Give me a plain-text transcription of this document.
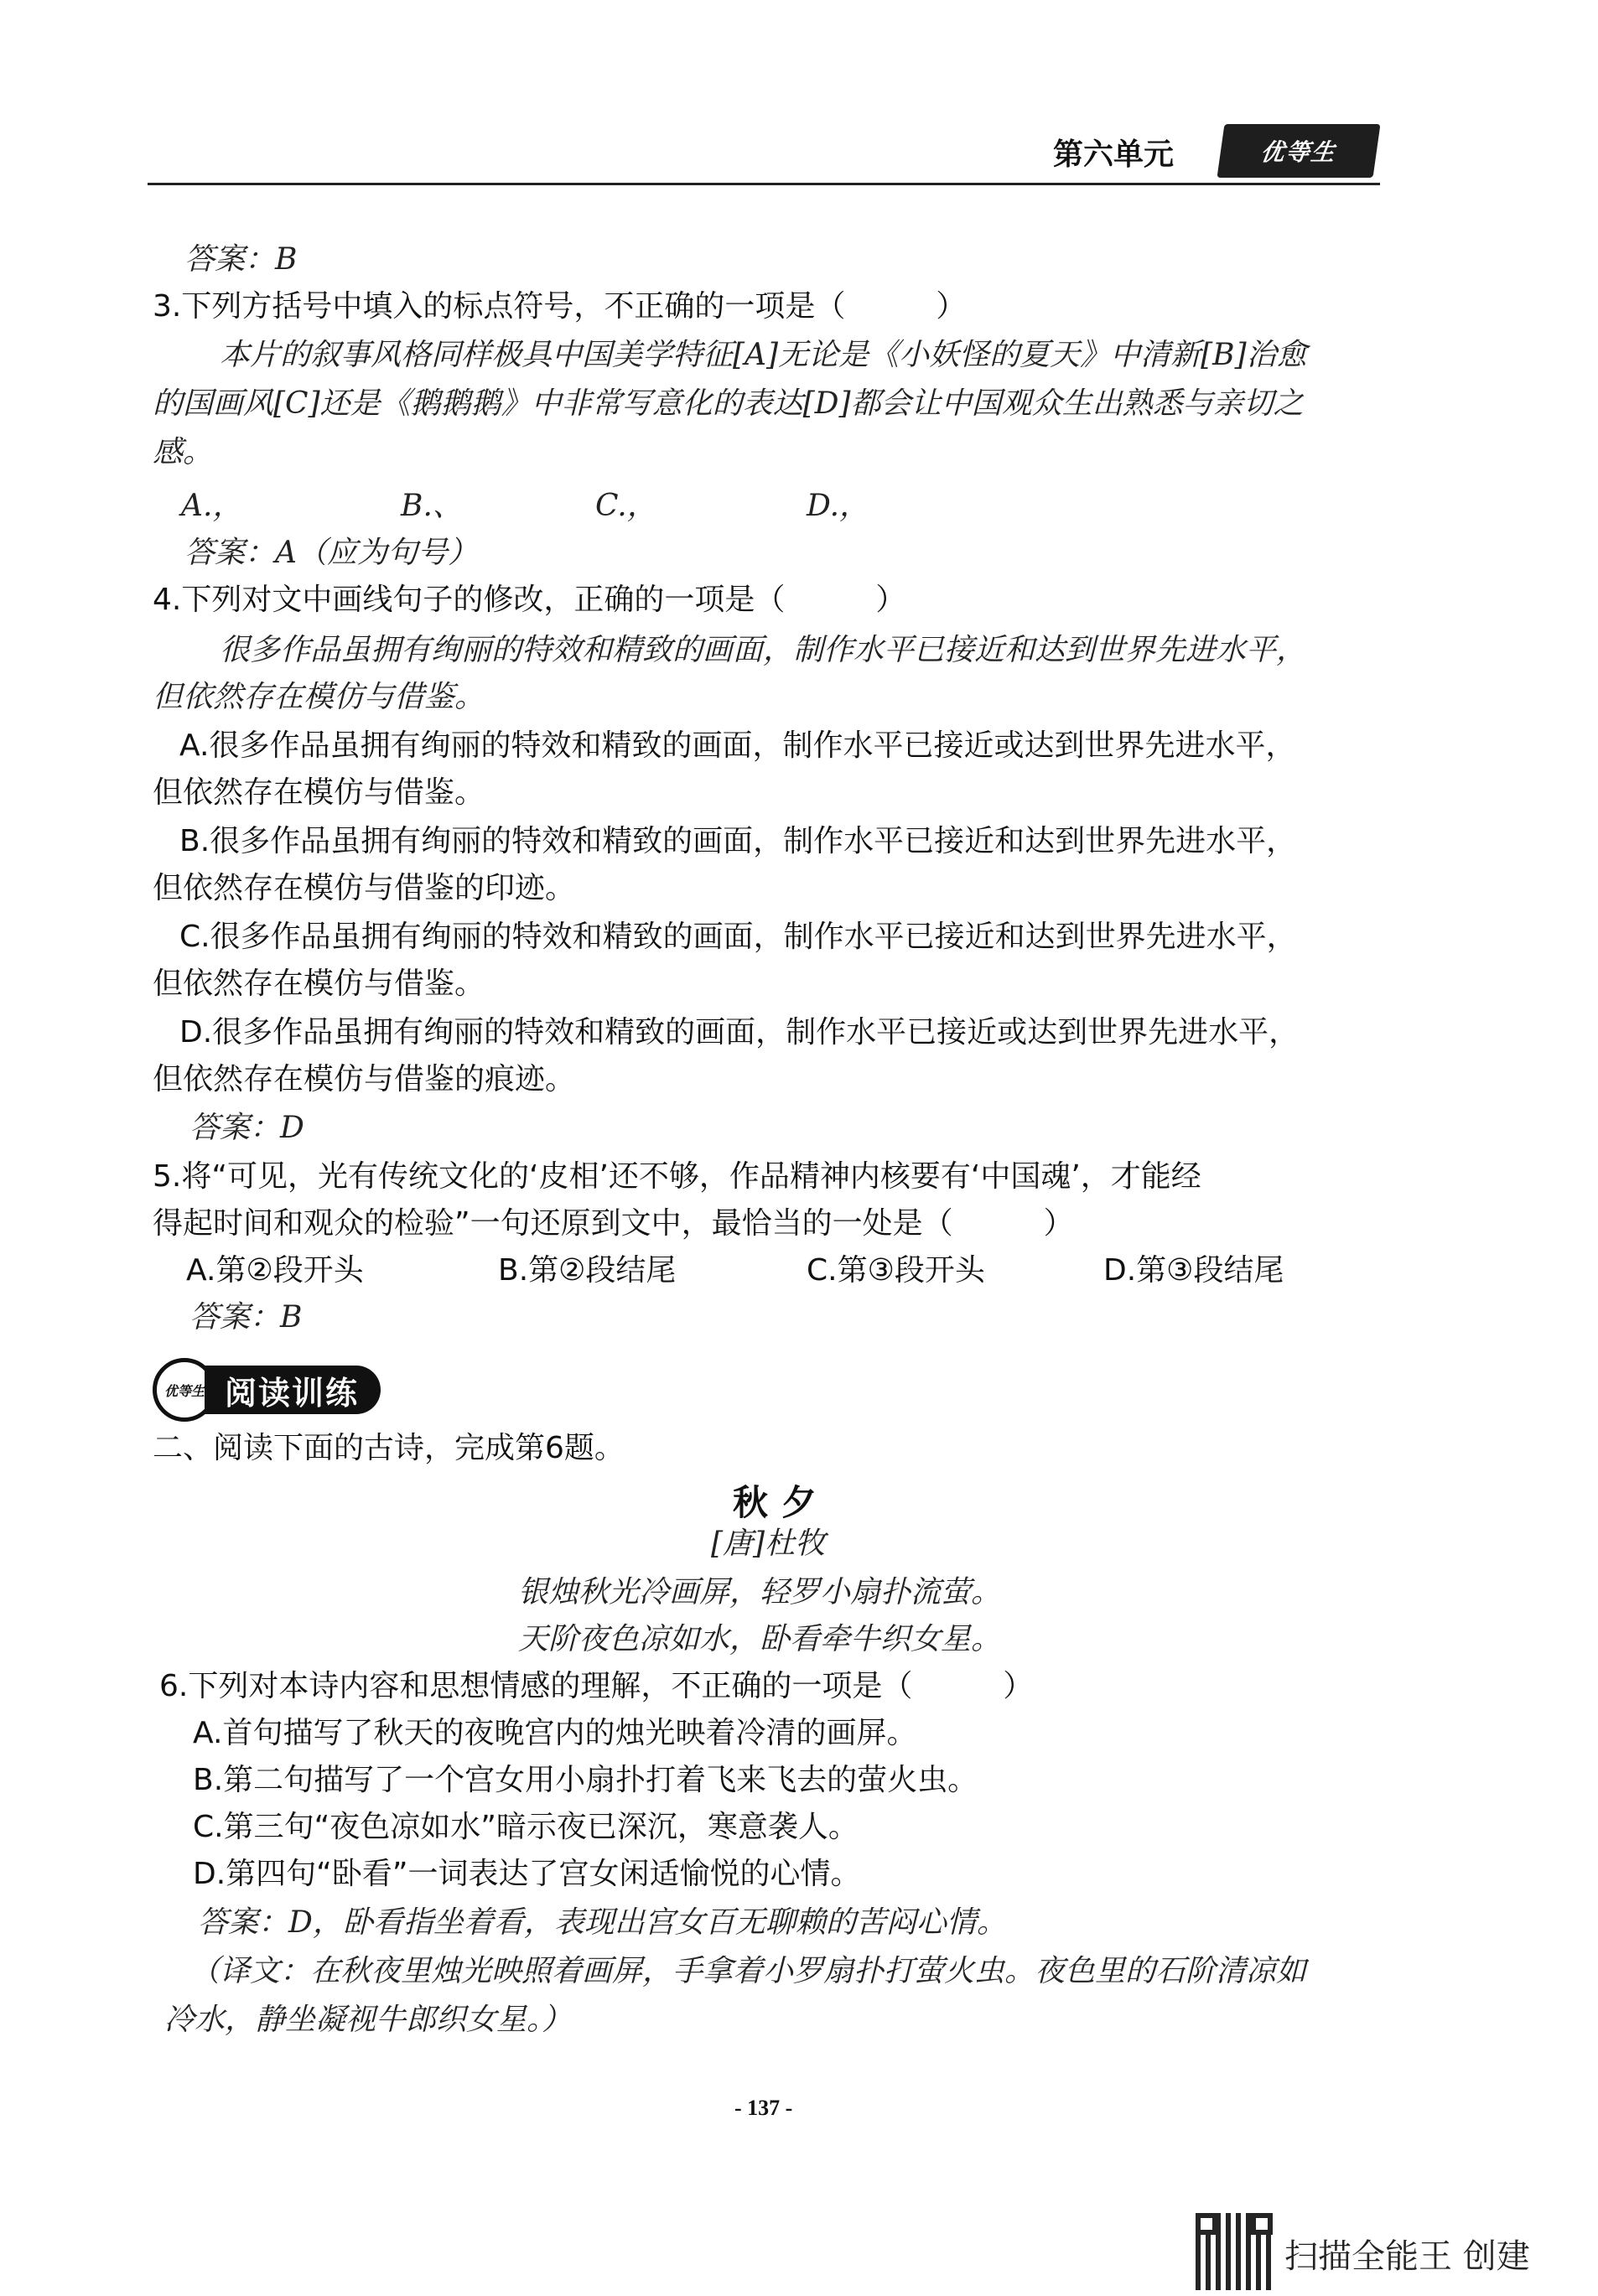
第六单元	优等生
答案：B
3.下列方括号中填入的标点符号，不正确的一项是（　　　）
本片的叙事风格同样极具中国美学特征[A]无论是《小妖怪的夏天》中清新[B]治愈
的国画风[C]还是《鹅鹅鹅》中非常写意化的表达[D]都会让中国观众生出熟悉与亲切之
感。
A.，	B.、	C.，	D.，
答案：A（应为句号）
4.下列对文中画线句子的修改，正确的一项是（　　　）
很多作品虽拥有绚丽的特效和精致的画面，制作水平已接近和达到世界先进水平，
但依然存在模仿与借鉴。
A.很多作品虽拥有绚丽的特效和精致的画面，制作水平已接近或达到世界先进水平，
但依然存在模仿与借鉴。
B.很多作品虽拥有绚丽的特效和精致的画面，制作水平已接近和达到世界先进水平，
但依然存在模仿与借鉴的印迹。
C.很多作品虽拥有绚丽的特效和精致的画面，制作水平已接近和达到世界先进水平，
但依然存在模仿与借鉴。
D.很多作品虽拥有绚丽的特效和精致的画面，制作水平已接近或达到世界先进水平，
但依然存在模仿与借鉴的痕迹。
答案：D
5.将“可见，光有传统文化的‘皮相’还不够，作品精神内核要有‘中国魂’，才能经
得起时间和观众的检验”一句还原到文中，最恰当的一处是（　　　）
A.第②段开头	B.第②段结尾	C.第③段开头	D.第③段结尾
答案：B
优等生 阅读训练
二、阅读下面的古诗，完成第6题。
秋夕
[唐]杜牧
银烛秋光冷画屏，轻罗小扇扑流萤。
天阶夜色凉如水，卧看牵牛织女星。
6.下列对本诗内容和思想情感的理解，不正确的一项是（　　　）
A.首句描写了秋天的夜晚宫内的烛光映着冷清的画屏。
B.第二句描写了一个宫女用小扇扑打着飞来飞去的萤火虫。
C.第三句“夜色凉如水”暗示夜已深沉，寒意袭人。
D.第四句“卧看”一词表达了宫女闲适愉悦的心情。
答案：D，卧看指坐着看，表现出宫女百无聊赖的苦闷心情。
（译文：在秋夜里烛光映照着画屏，手拿着小罗扇扑打萤火虫。夜色里的石阶清凉如
冷水，静坐凝视牛郎织女星。）
- 137 -
扫描全能王 创建
